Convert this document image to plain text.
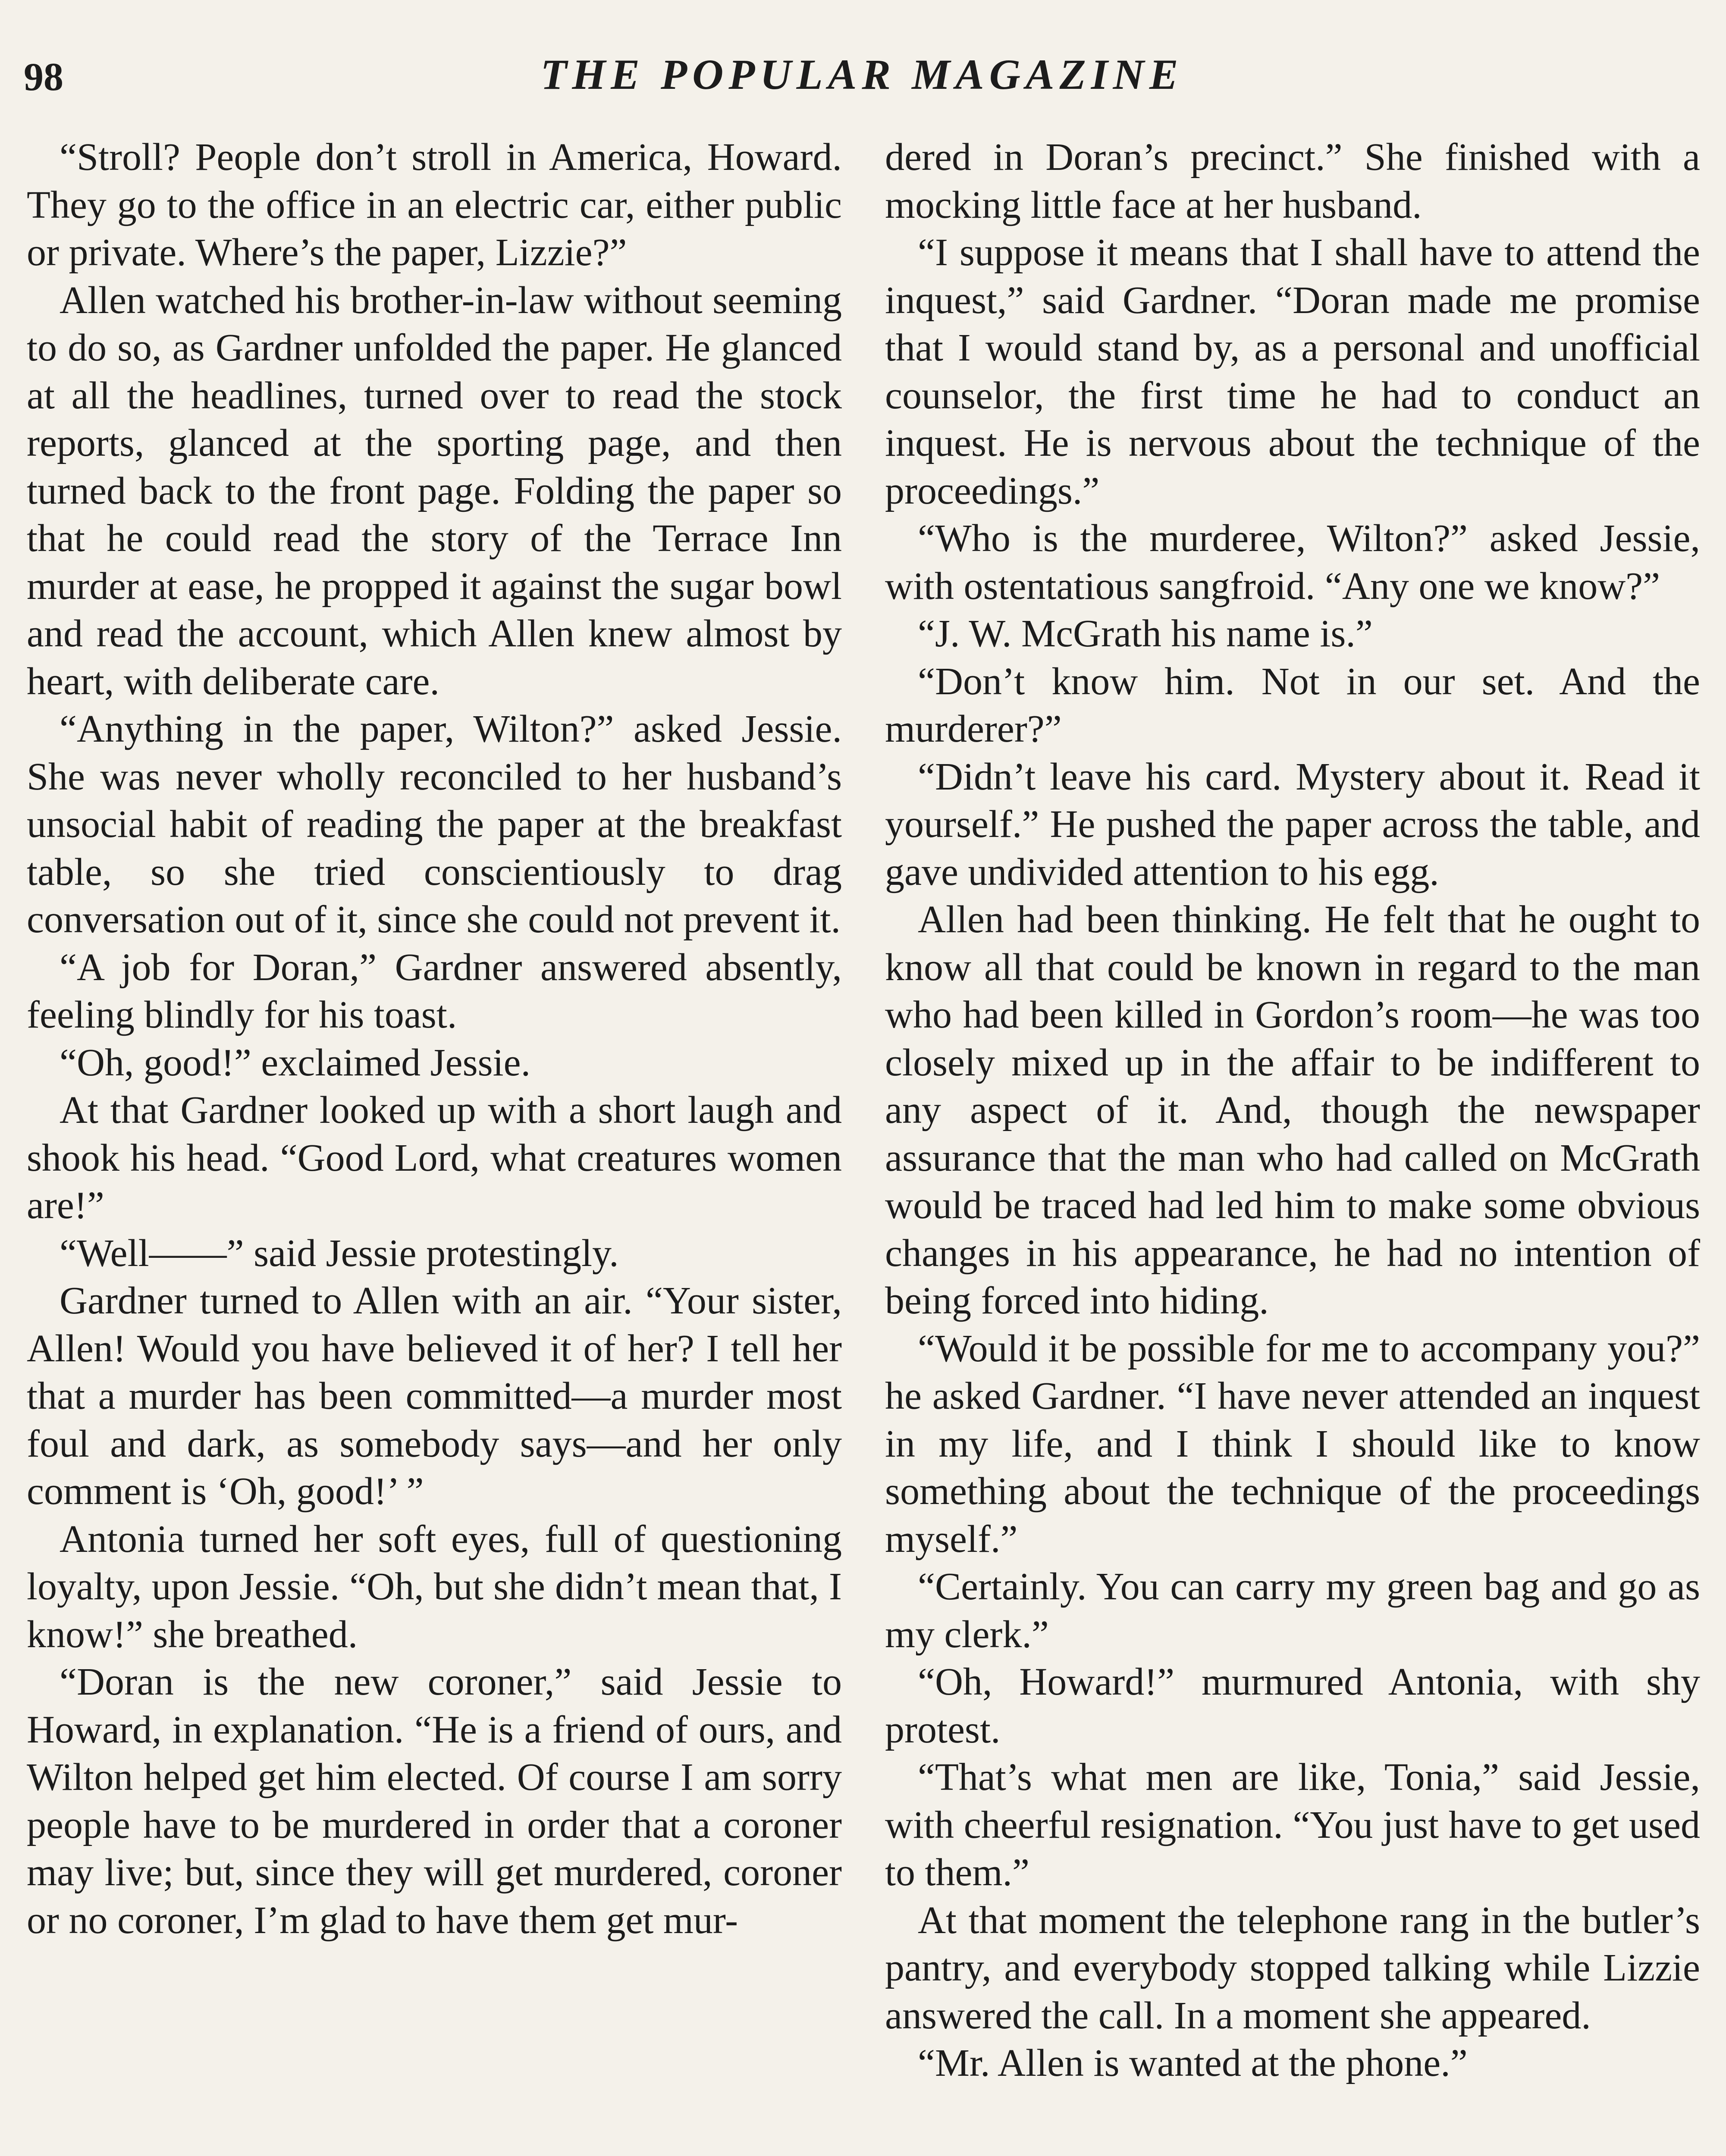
98	THE POPULAR MAGAZINE

“Stroll? People don’t stroll in America, Howard. They go to the office in an electric car, either public or private. Where’s the paper, Lizzie?”

Allen watched his brother-in-law without seeming to do so, as Gardner unfolded the paper. He glanced at all the headlines, turned over to read the stock reports, glanced at the sporting page, and then turned back to the front page. Folding the paper so that he could read the story of the Terrace Inn murder at ease, he propped it against the sugar bowl and read the account, which Allen knew almost by heart, with deliberate care.

“Anything in the paper, Wilton?” asked Jessie. She was never wholly reconciled to her husband’s unsocial habit of reading the paper at the breakfast table, so she tried conscientiously to drag conversation out of it, since she could not prevent it.

“A job for Doran,” Gardner answered absently, feeling blindly for his toast.

“Oh, good!” exclaimed Jessie.

At that Gardner looked up with a short laugh and shook his head. “Good Lord, what creatures women are!”

“Well——” said Jessie protestingly.

Gardner turned to Allen with an air. “Your sister, Allen! Would you have believed it of her? I tell her that a murder has been committed—a murder most foul and dark, as somebody says—and her only comment is ‘Oh, good!’ ”

Antonia turned her soft eyes, full of questioning loyalty, upon Jessie. “Oh, but she didn’t mean that, I know!” she breathed.

“Doran is the new coroner,” said Jessie to Howard, in explanation. “He is a friend of ours, and Wilton helped get him elected. Of course I am sorry people have to be murdered in order that a coroner may live; but, since they will get murdered, coroner or no coroner, I’m glad to have them get mur-

dered in Doran’s precinct.” She finished with a mocking little face at her husband.

“I suppose it means that I shall have to attend the inquest,” said Gardner. “Doran made me promise that I would stand by, as a personal and unofficial counselor, the first time he had to conduct an inquest. He is nervous about the technique of the proceedings.”

“Who is the murderee, Wilton?” asked Jessie, with ostentatious sangfroid. “Any one we know?”

“J. W. McGrath his name is.”

“Don’t know him. Not in our set. And the murderer?”

“Didn’t leave his card. Mystery about it. Read it yourself.” He pushed the paper across the table, and gave undivided attention to his egg.

Allen had been thinking. He felt that he ought to know all that could be known in regard to the man who had been killed in Gordon’s room—he was too closely mixed up in the affair to be indifferent to any aspect of it. And, though the newspaper assurance that the man who had called on McGrath would be traced had led him to make some obvious changes in his appearance, he had no intention of being forced into hiding.

“Would it be possible for me to accompany you?” he asked Gardner. “I have never attended an inquest in my life, and I think I should like to know something about the technique of the proceedings myself.”

“Certainly. You can carry my green bag and go as my clerk.”

“Oh, Howard!” murmured Antonia, with shy protest.

“That’s what men are like, Tonia,” said Jessie, with cheerful resignation. “You just have to get used to them.”

At that moment the telephone rang in the butler’s pantry, and everybody stopped talking while Lizzie answered the call. In a moment she appeared.

“Mr. Allen is wanted at the phone.”
